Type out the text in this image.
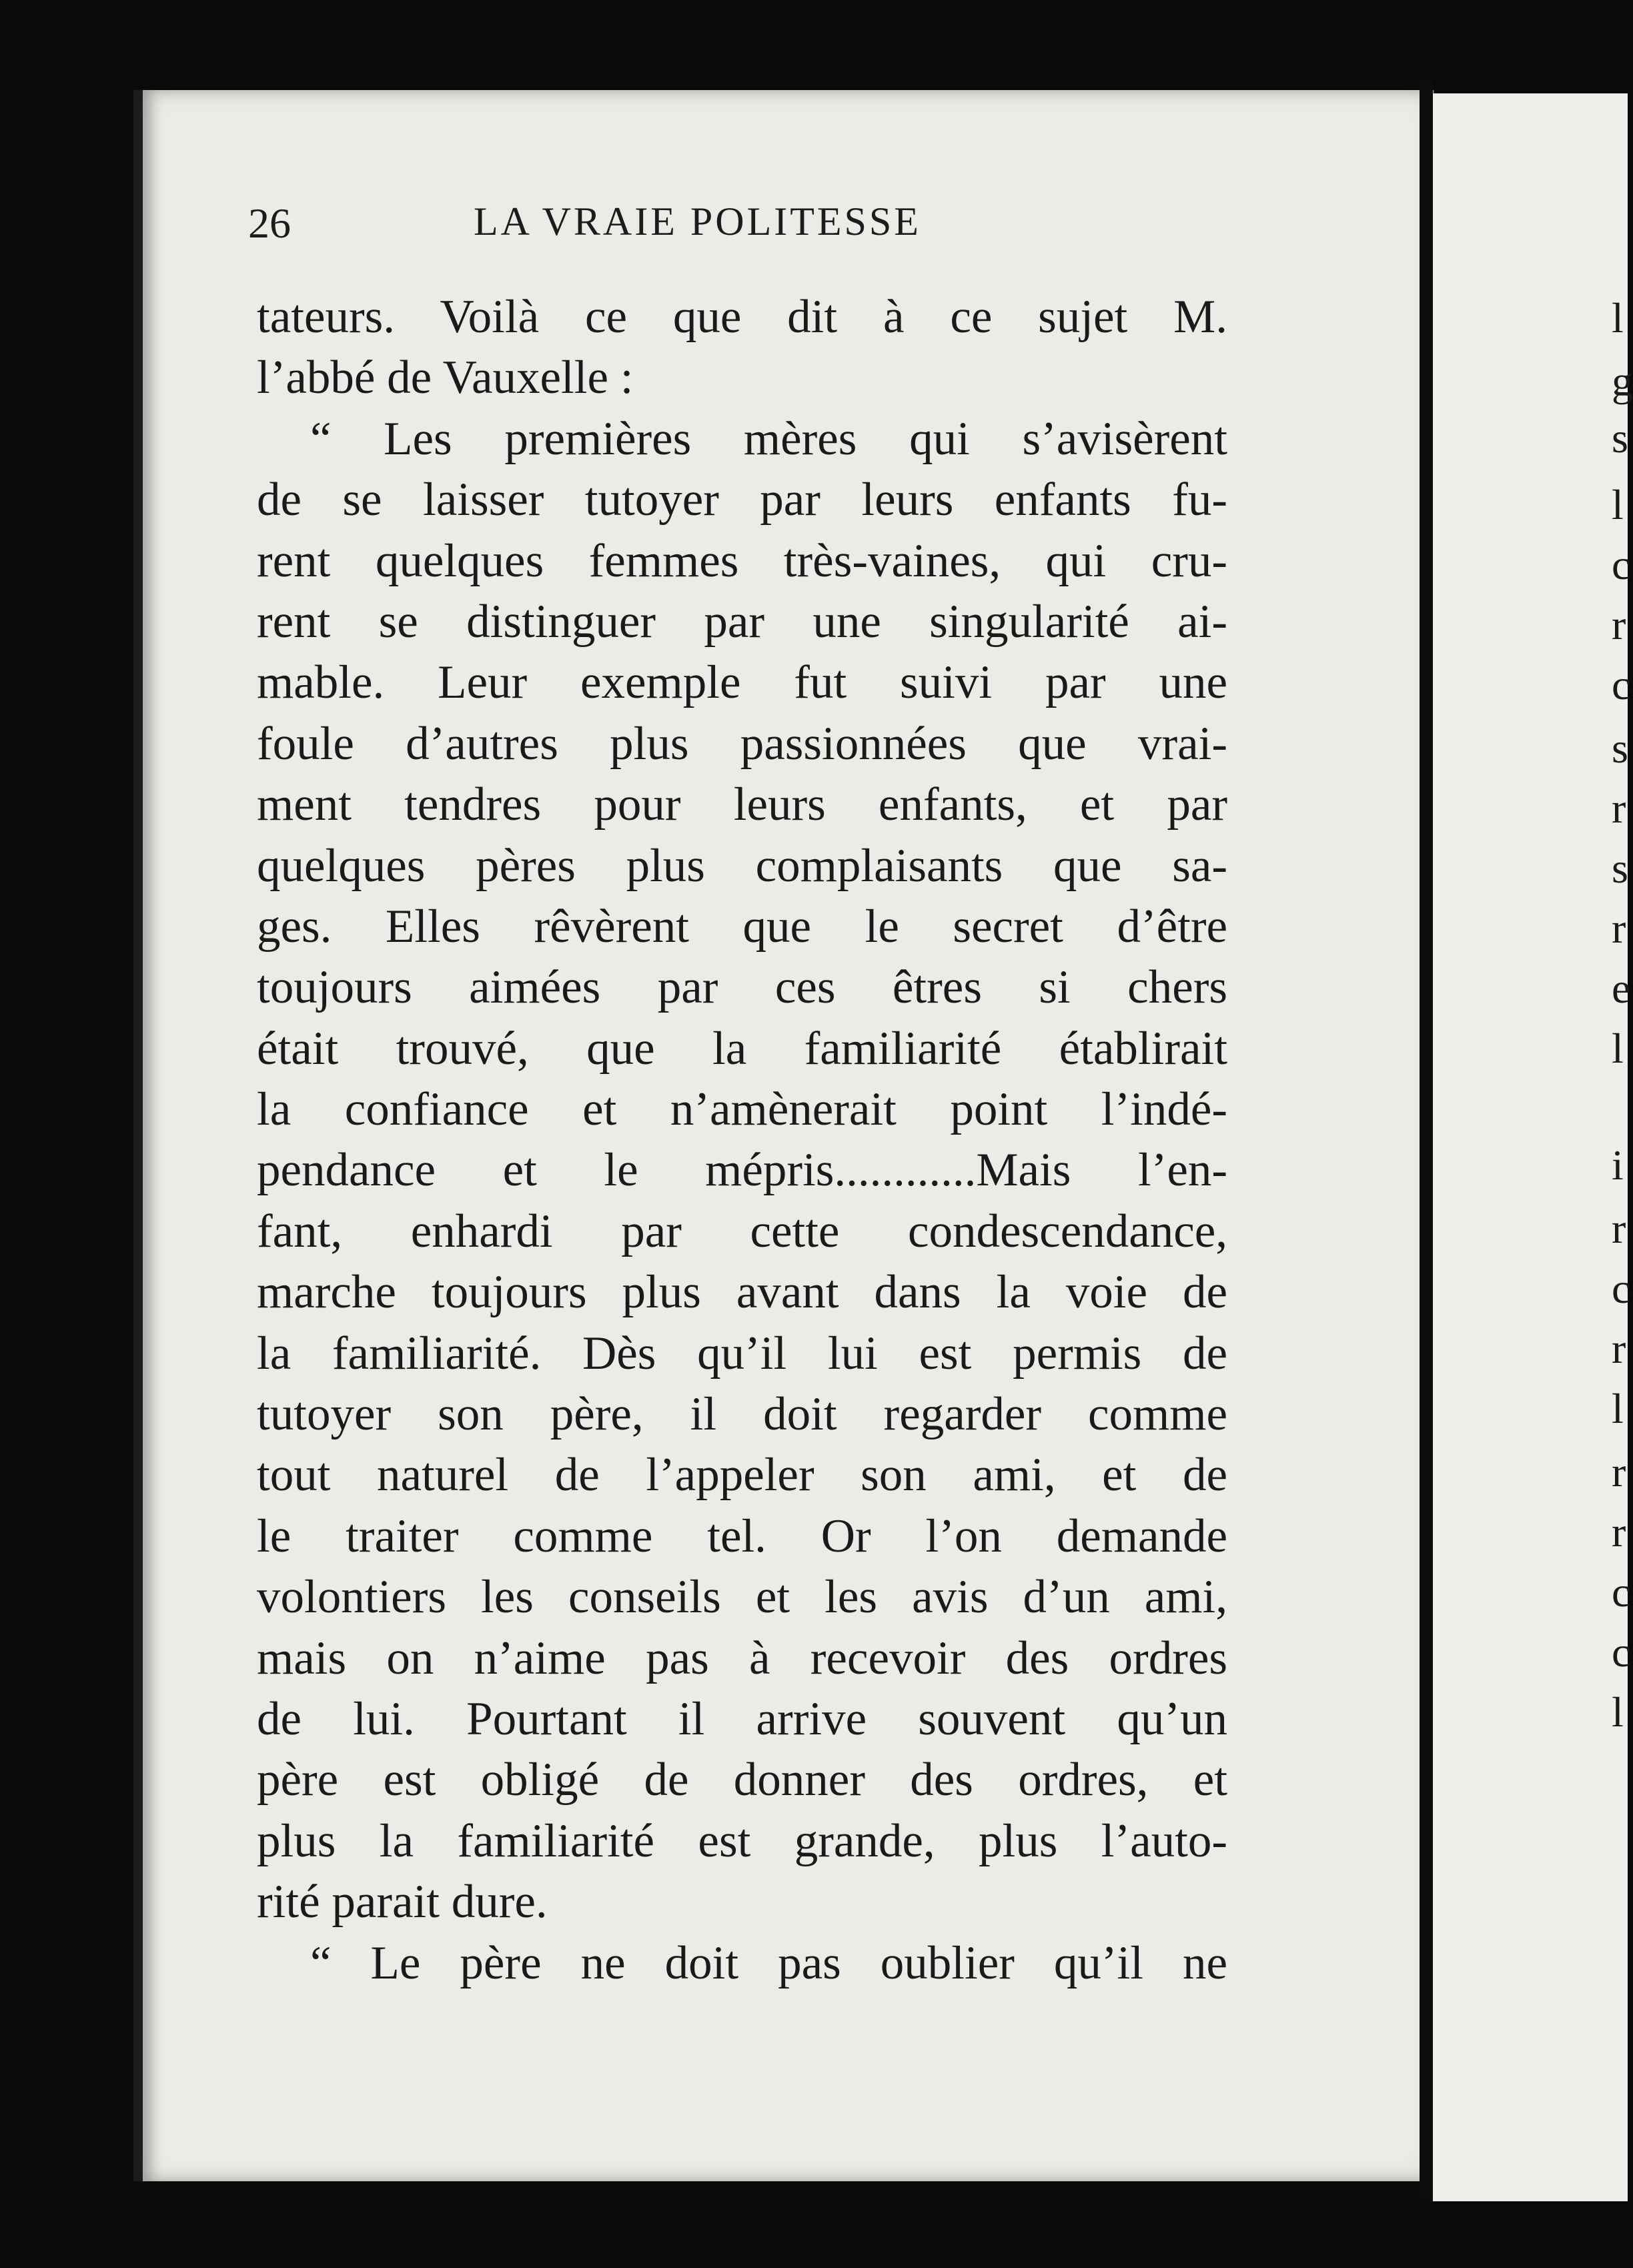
l
g
s
l
c
r
c
s
r
s
r
e
l
i
r
c
r
l
r
r
c
c
l
26	LA VRAIE POLITESSE
tateurs. Voilà ce que dit à ce sujet M.
l’abbé de Vauxelle :
“ Les premières mères qui s’avisèrent
de se laisser tutoyer par leurs enfants fu-
rent quelques femmes très-vaines, qui cru-
rent se distinguer par une singularité ai-
mable. Leur exemple fut suivi par une
foule d’autres plus passionnées que vrai-
ment tendres pour leurs enfants, et par
quelques pères plus complaisants que sa-
ges. Elles rêvèrent que le secret d’être
toujours aimées par ces êtres si chers
était trouvé, que la familiarité établirait
la confiance et n’amènerait point l’indé-
pendance et le mépris............Mais l’en-
fant, enhardi par cette condescendance,
marche toujours plus avant dans la voie de
la familiarité. Dès qu’il lui est permis de
tutoyer son père, il doit regarder comme
tout naturel de l’appeler son ami, et de
le traiter comme tel. Or l’on demande
volontiers les conseils et les avis d’un ami,
mais on n’aime pas à recevoir des ordres
de lui. Pourtant il arrive souvent qu’un
père est obligé de donner des ordres, et
plus la familiarité est grande, plus l’auto-
rité parait dure.
“ Le père ne doit pas oublier qu’il ne
